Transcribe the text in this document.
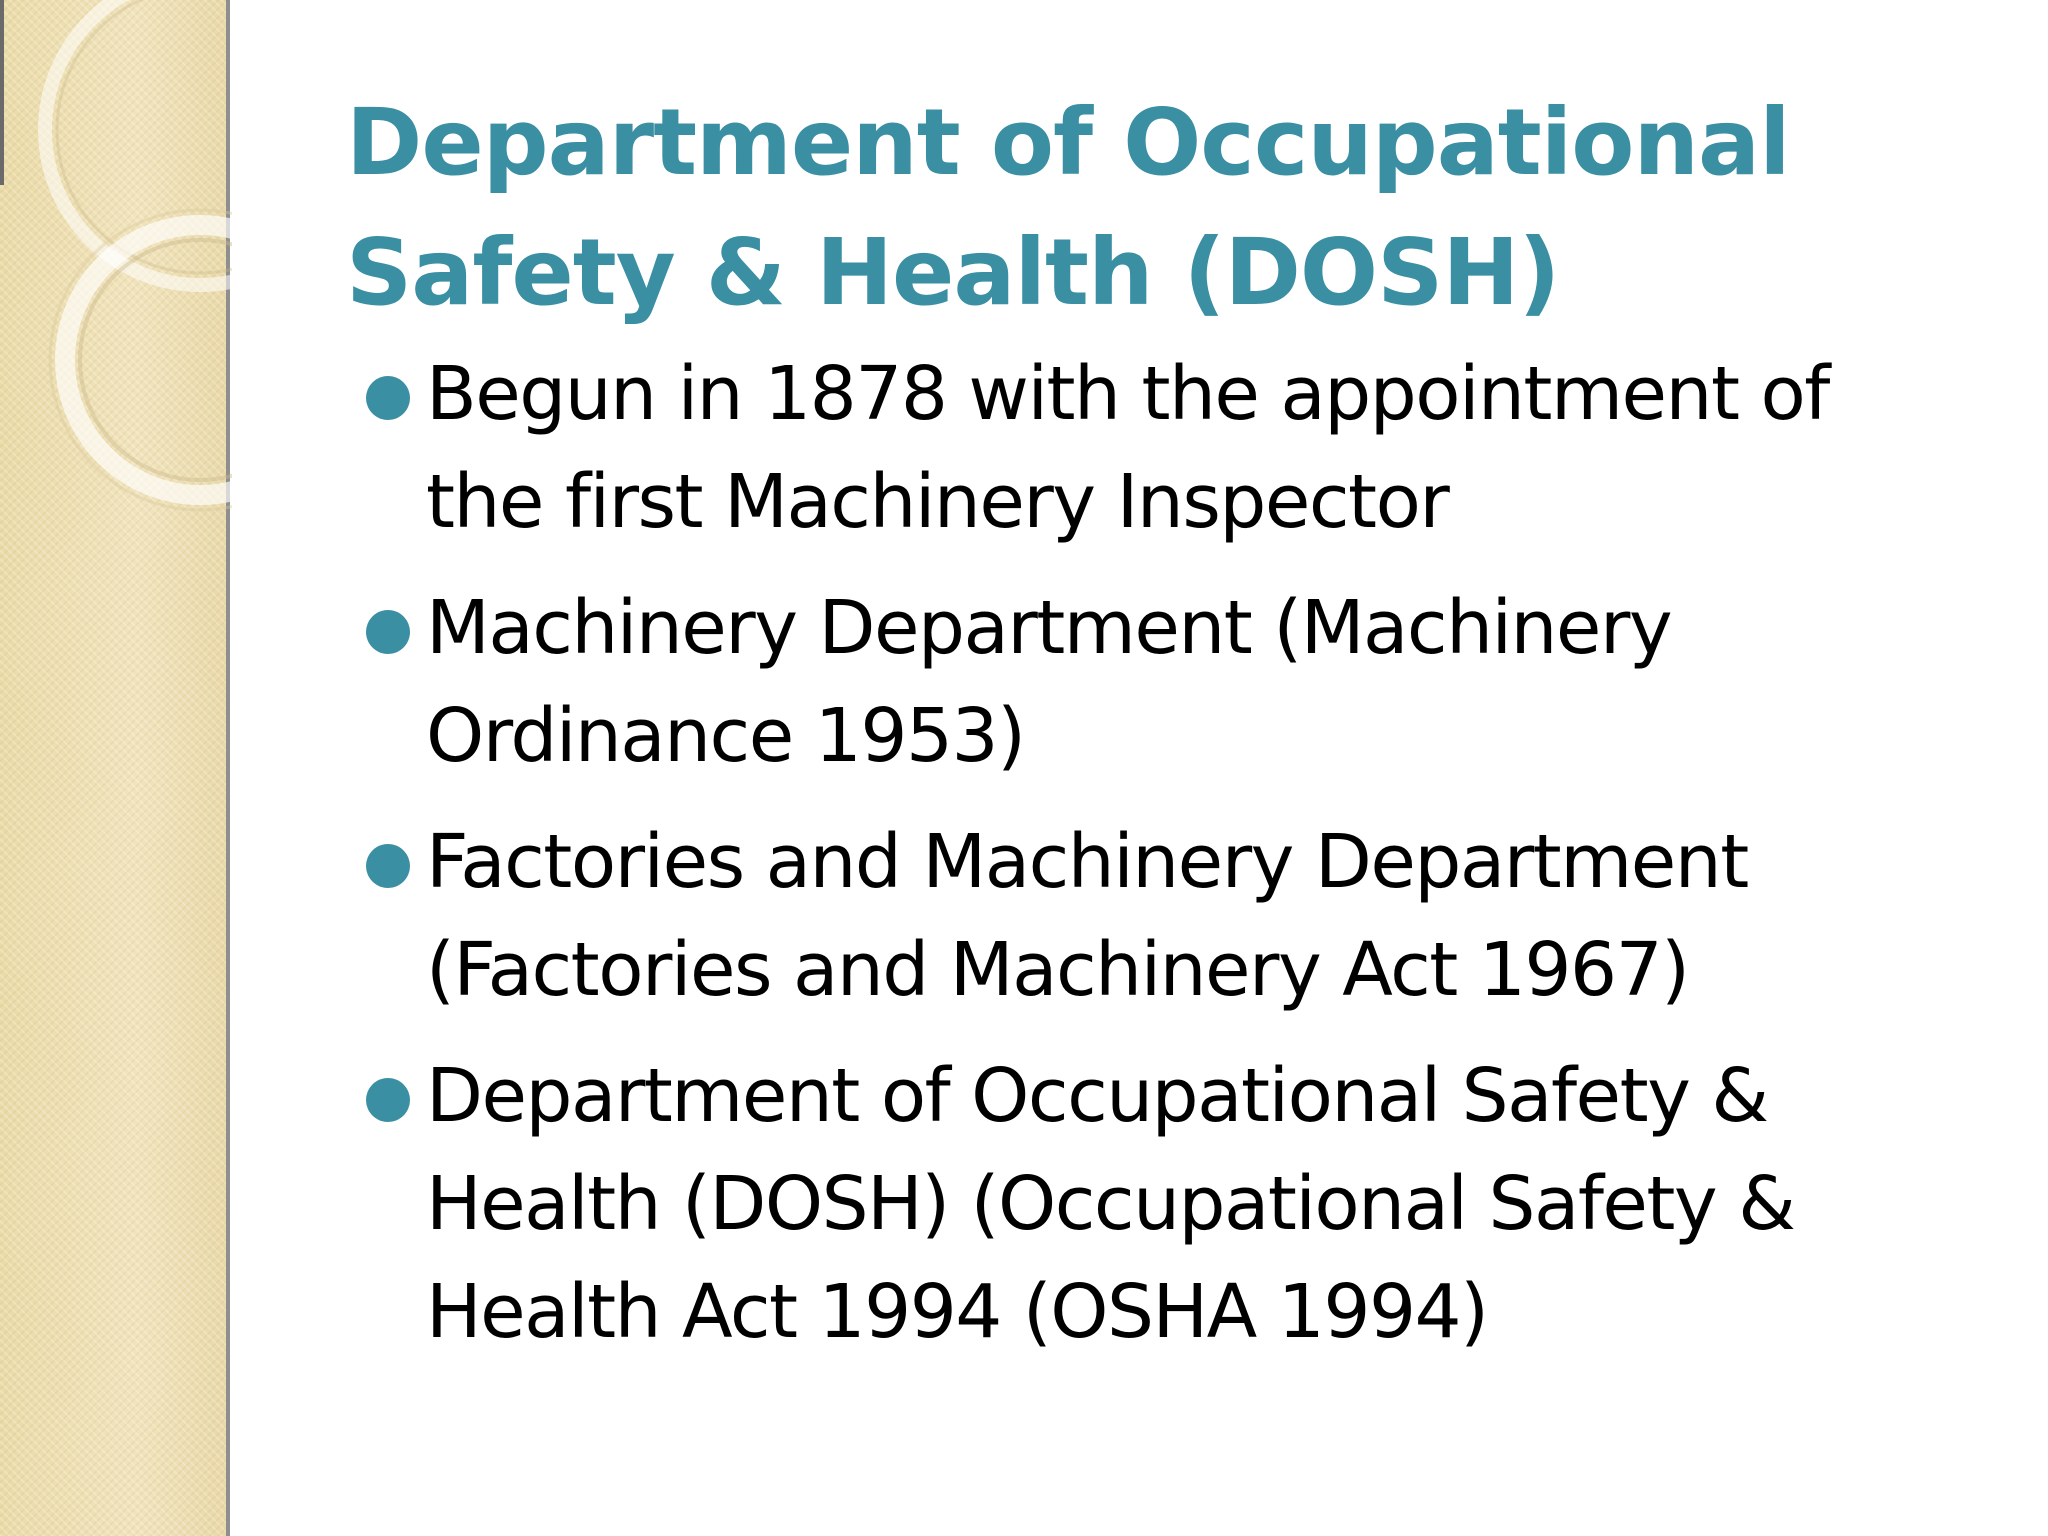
Department of Occupational
Safety & Health (DOSH)
Begun in 1878 with the appointment of
the first Machinery Inspector
Machinery Department (Machinery
Ordinance 1953)
Factories and Machinery Department
(Factories and Machinery Act 1967)
Department of Occupational Safety &
Health (DOSH) (Occupational Safety &
Health Act 1994 (OSHA 1994)
